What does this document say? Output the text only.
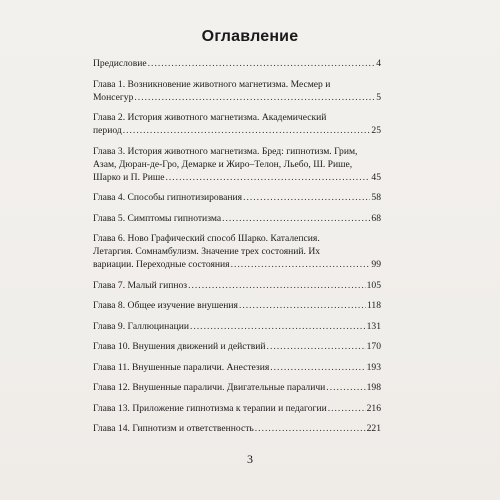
Оглавление
Предисловие .....	4
Глава 1. Возникновение животного магнетизма. Месмер и
Монсегур .....	5
Глава 2. История животного магнетизма. Академический
период .....	25
Глава 3. История животного магнетизма. Бред: гипнотизм. Грим,
Азам, Дюран-де-Гро, Демарке и Жиро–Телон, Льебо, Ш. Рише,
Шарко и П. Рише .....	45
Глава 4. Способы гипнотизирования .....	58
Глава 5. Симптомы гипнотизма .....	68
Глава 6. Ново Графический способ Шарко. Каталепсия.
Летаргия. Сомнамбулизм. Значение трех состояний. Их
вариации. Переходные состояния .....	99
Глава 7. Малый гипноз .....	105
Глава 8. Общее изучение внушения .....	118
Глава 9. Галлюцинации .....	131
Глава 10. Внушения движений и действий .....	170
Глава 11. Внушенные параличи. Анестезия .....	193
Глава 12. Внушенные параличи. Двигательные параличи .....	198
Глава 13. Приложение гипнотизма к терапии и педагогии .....	216
Глава 14. Гипнотизм и ответственность .....	221
3
